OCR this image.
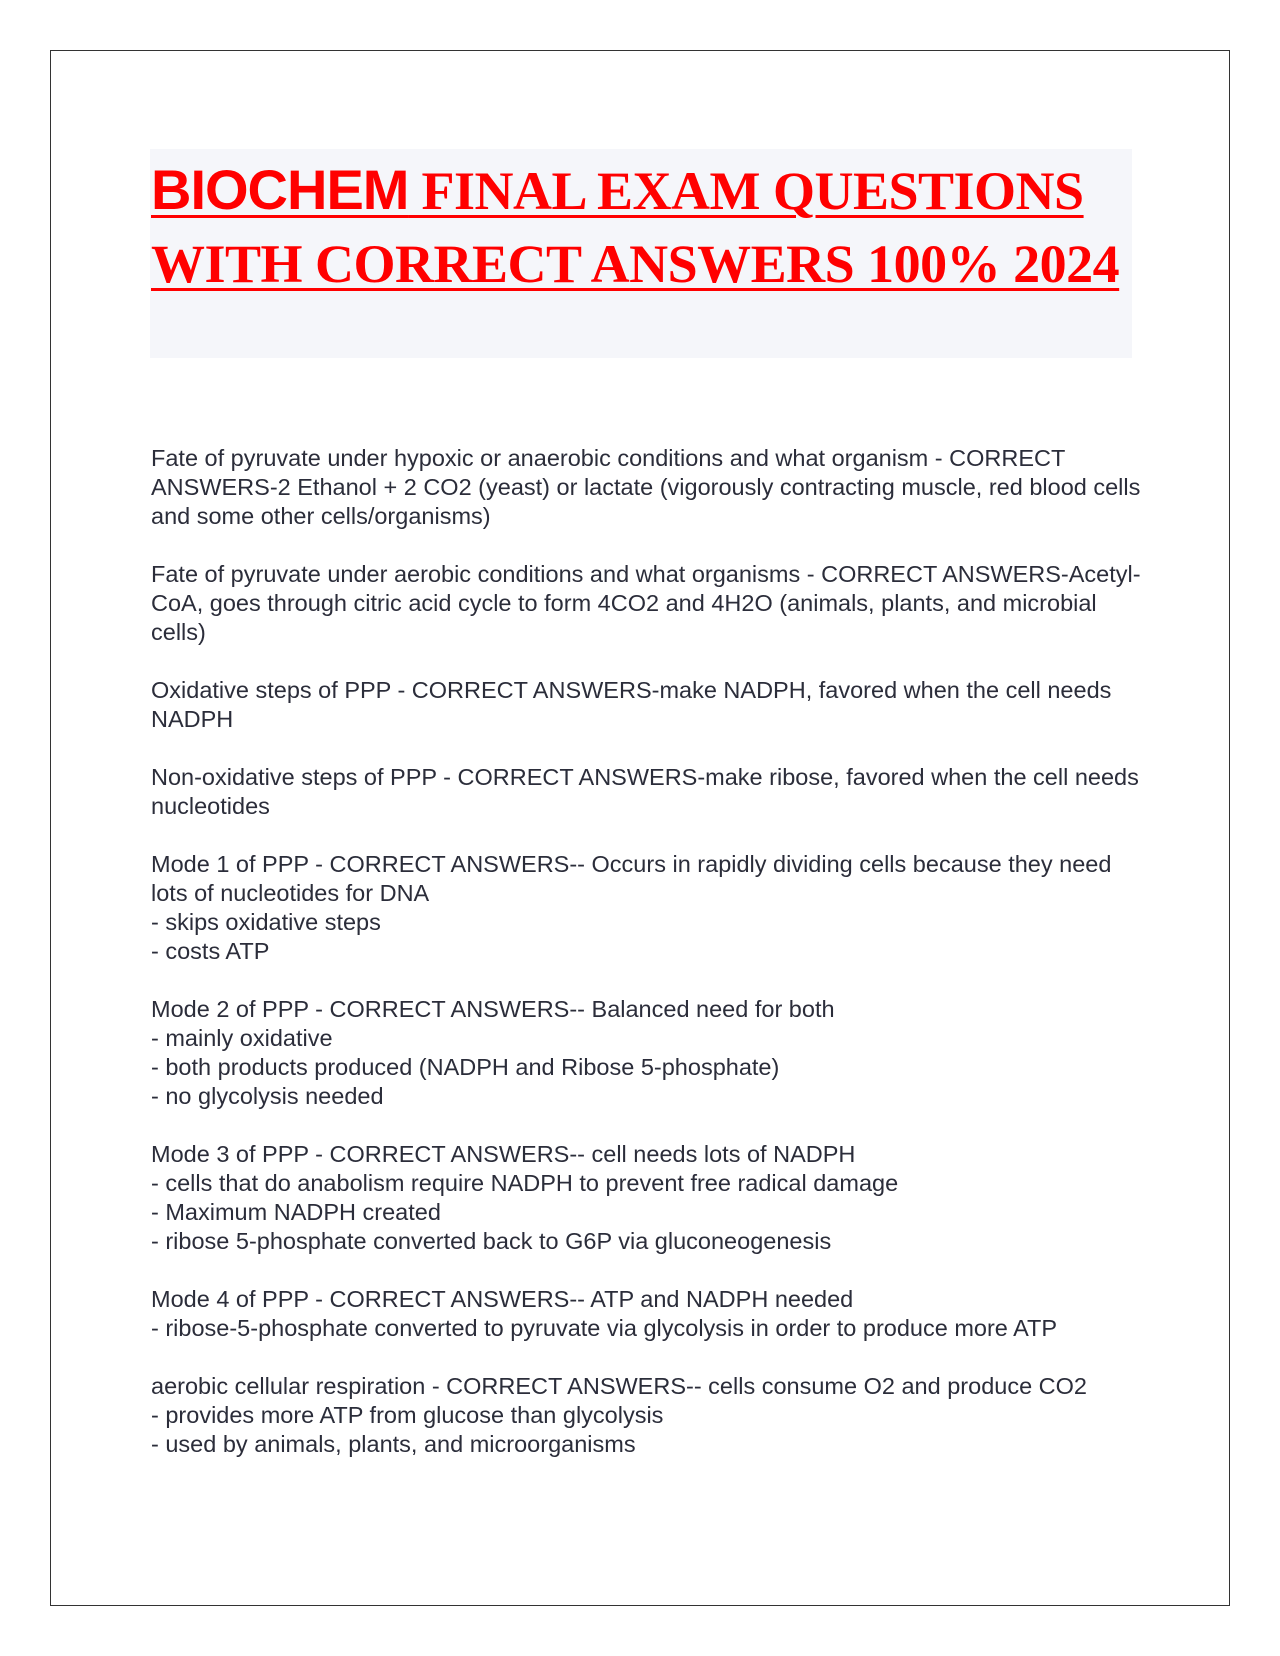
BIOCHEM FINAL EXAM QUESTIONS WITH CORRECT ANSWERS 100% 2024

Fate of pyruvate under hypoxic or anaerobic conditions and what organism - CORRECT ANSWERS-2 Ethanol + 2 CO2 (yeast) or lactate (vigorously contracting muscle, red blood cells and some other cells/organisms)

Fate of pyruvate under aerobic conditions and what organisms - CORRECT ANSWERS-Acetyl-CoA, goes through citric acid cycle to form 4CO2 and 4H2O (animals, plants, and microbial cells)

Oxidative steps of PPP - CORRECT ANSWERS-make NADPH, favored when the cell needs NADPH

Non-oxidative steps of PPP - CORRECT ANSWERS-make ribose, favored when the cell needs nucleotides

Mode 1 of PPP - CORRECT ANSWERS-- Occurs in rapidly dividing cells because they need lots of nucleotides for DNA
- skips oxidative steps
- costs ATP

Mode 2 of PPP - CORRECT ANSWERS-- Balanced need for both
- mainly oxidative
- both products produced (NADPH and Ribose 5-phosphate)
- no glycolysis needed

Mode 3 of PPP - CORRECT ANSWERS-- cell needs lots of NADPH
- cells that do anabolism require NADPH to prevent free radical damage
- Maximum NADPH created
- ribose 5-phosphate converted back to G6P via gluconeogenesis

Mode 4 of PPP - CORRECT ANSWERS-- ATP and NADPH needed
- ribose-5-phosphate converted to pyruvate via glycolysis in order to produce more ATP

aerobic cellular respiration - CORRECT ANSWERS-- cells consume O2 and produce CO2
- provides more ATP from glucose than glycolysis
- used by animals, plants, and microorganisms
